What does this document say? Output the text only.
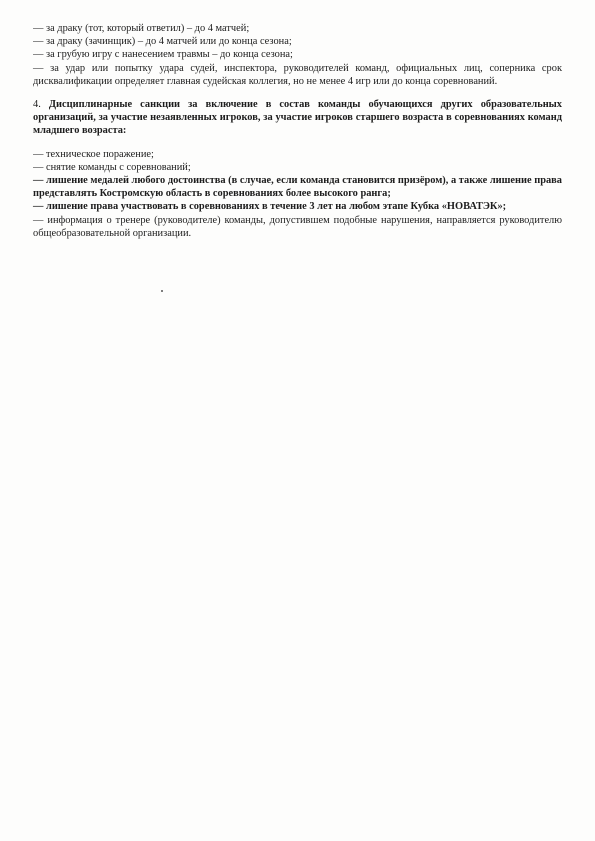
— за драку (тот, который ответил) – до 4 матчей;
— за драку (зачинщик) – до 4 матчей или до конца сезона;
— за грубую игру с нанесением травмы – до конца сезона;
— за удар или попытку удара судей, инспектора, руководителей команд, официальных лиц, соперника срок дисквалификации определяет главная судейская коллегия, но не менее 4 игр или до конца соревнований.
4. Дисциплинарные санкции за включение в состав команды обучающихся других образовательных организаций, за участие незаявленных игроков, за участие игроков старшего возраста в соревнованиях команд младшего возраста:
— техническое поражение;
— снятие команды с соревнований;
— лишение медалей любого достоинства (в случае, если команда становится призёром), а также лишение права представлять Костромскую область в соревнованиях более высокого ранга;
— лишение права участвовать в соревнованиях в течение 3 лет на любом этапе Кубка «НОВАТЭК»;
— информация о тренере (руководителе) команды, допустившем подобные нарушения, направляется руководителю общеобразовательной организации.
